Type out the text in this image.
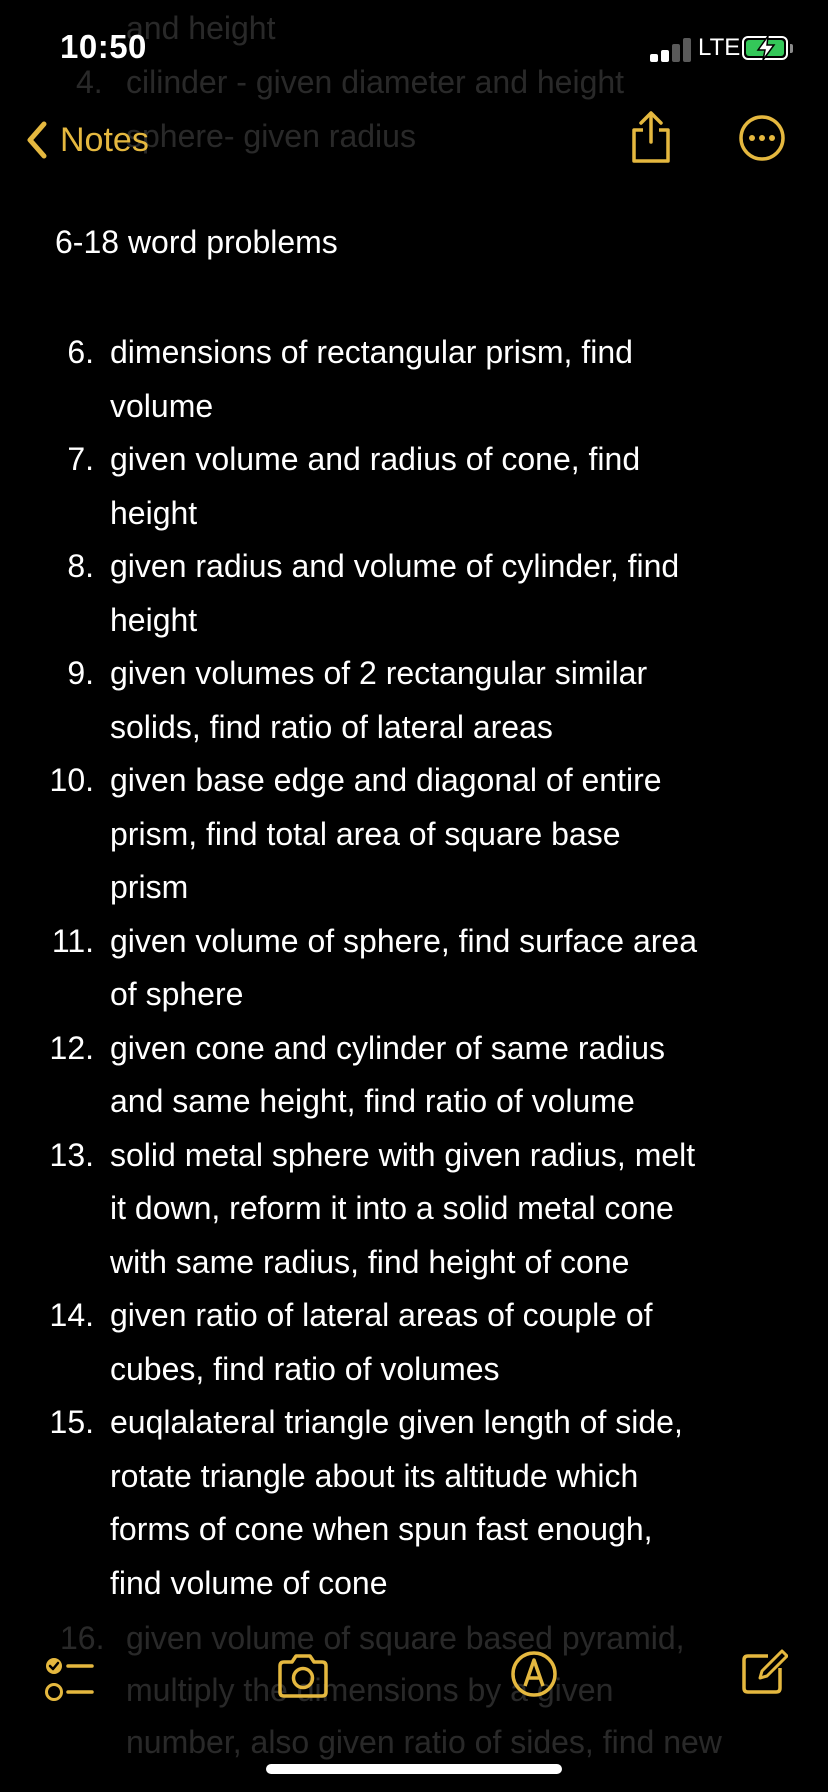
and height
4. cilinder - given diameter and height
sphere- given radius
16. given volume of square based pyramid,
multiply the dimensions by a given
number, also given ratio of sides, find new
10:50	LTE
Notes
6-18 word problems
6. dimensions of rectangular prism, find
volume
7. given volume and radius of cone, find
height
8. given radius and volume of cylinder, find
height
9. given volumes of 2 rectangular similar
solids, find ratio of lateral areas
10. given base edge and diagonal of entire
prism, find total area of square base
prism
11. given volume of sphere, find surface area
of sphere
12. given cone and cylinder of same radius
and same height, find ratio of volume
13. solid metal sphere with given radius, melt
it down, reform it into a solid metal cone
with same radius, find height of cone
14. given ratio of lateral areas of couple of
cubes, find ratio of volumes
15. euqlalateral triangle given length of side,
rotate triangle about its altitude which
forms of cone when spun fast enough,
find volume of cone
